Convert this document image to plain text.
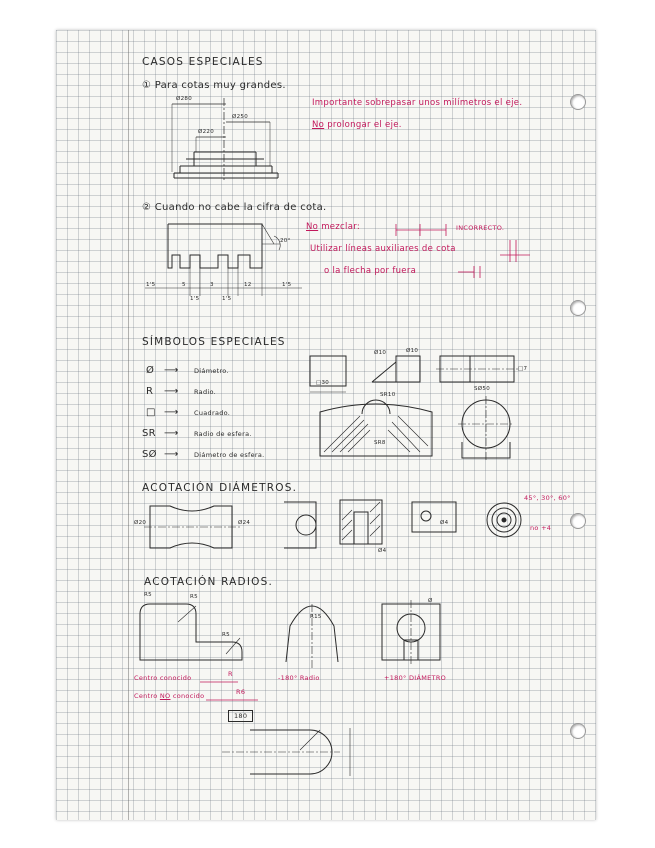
CASOS ESPECIALES
① Para cotas muy grandes.
Ø280
Ø250
Ø220
Importante sobrepasar unos milímetros el eje.
No prolongar el eje.
② Cuando no cabe la cifra de cota.
No mezclar:	INCORRECTO.
Utilizar líneas auxiliares de cota
o la flecha por fuera
1'5	5	3	12	1'5
1'5	1'5
20°
SÍMBOLOS ESPECIALES
Ø ⟶ Diámetro.
R ⟶ Radio.
□ ⟶ Cuadrado.
SR ⟶ Radio de esfera.
SØ ⟶ Diámetro de esfera.
□30
Ø10	Ø10
□7
SR10
SØ50
SR8
ACOTACIÓN DIÁMETROS.
45°, 30°, 60°
no +4
Ø20	Ø24
Ø4
Ø4
ACOTACIÓN RADIOS.
R5	R5
R5
R15
Ø
Centro conocido	R
Centro NO conocido	R6
-180° Radio	+180° DIÁMETRO
180
